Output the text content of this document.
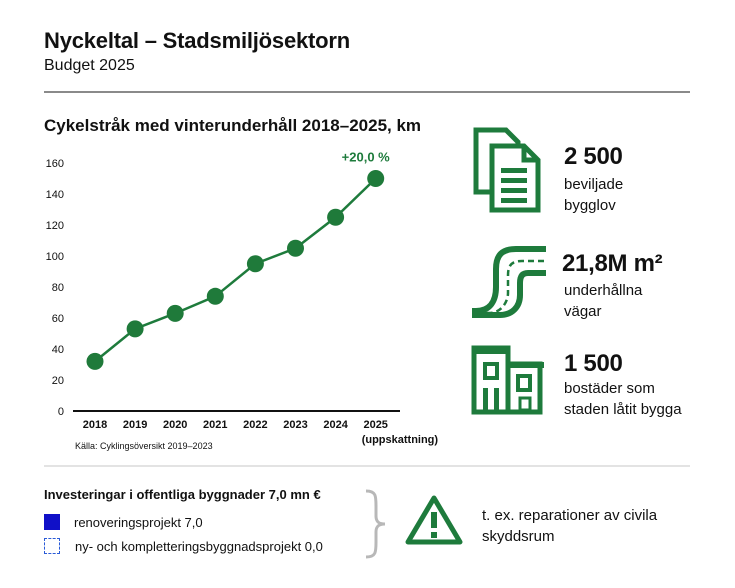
Nyckeltal – Stadsmiljösektorn
Budget 2025
Cykelstråk med vinterunderhåll 2018–2025, km
0
20
40
60
80
100
120
140
160
2018 2019 2020 2021 2022 2023 2024 2025
+20,0 %
(uppskattning)
Källa: Cyklingsöversikt 2019–2023
2 500
beviljade
bygglov
21,8M m²
underhållna
vägar
1 500
bostäder som
staden låtit bygga
Investeringar i offentliga byggnader 7,0 mn €
renoveringsprojekt 7,0
ny- och kompletteringsbyggnadsprojekt 0,0
t. ex. reparationer av civila
skyddsrum
